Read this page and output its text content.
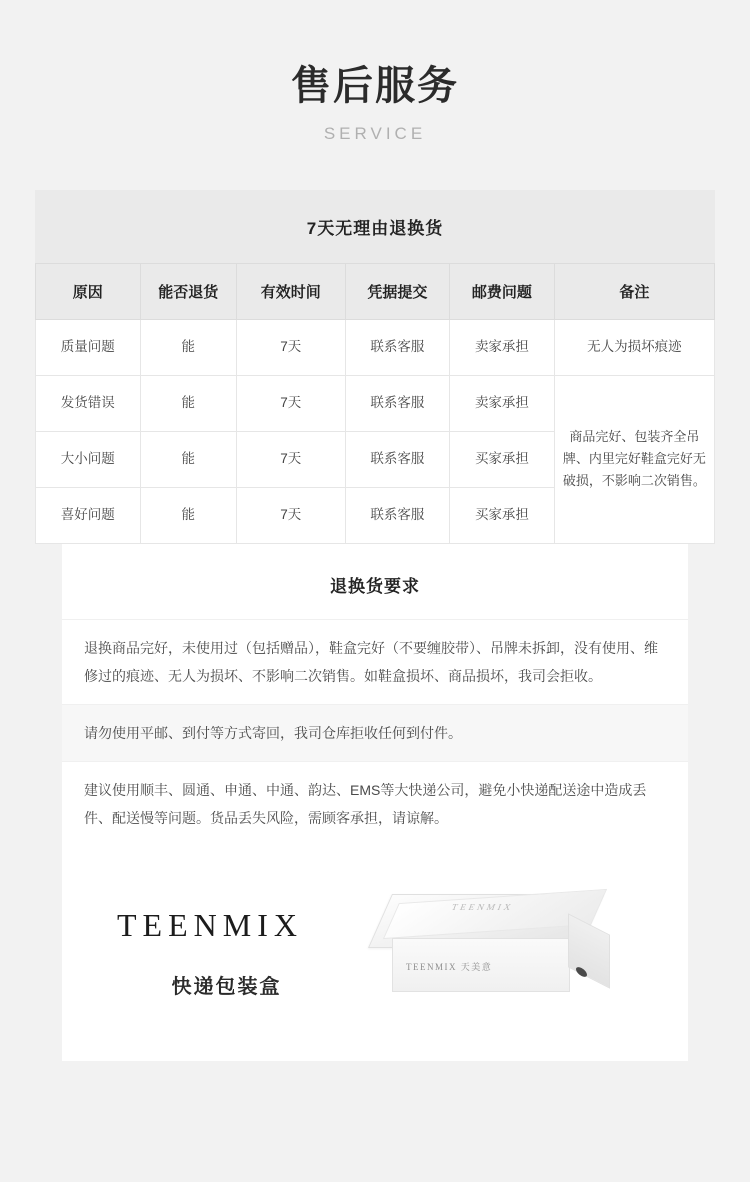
售后服务
SERVICE
7天无理由退换货
原因	能否退货	有效时间	凭据提交	邮费问题	备注
质量问题	能	7天	联系客服	卖家承担	无人为损坏痕迹
发货错误	能	7天	联系客服	卖家承担	商品完好、包装齐全吊牌、内里完好鞋盒完好无破损，不影响二次销售。
大小问题	能	7天	联系客服	买家承担	
喜好问题	能	7天	联系客服	买家承担	
退换货要求
退换商品完好，未使用过（包括赠品），鞋盒完好（不要缠胶带）、吊牌未拆卸，没有使用、维修过的痕迹、无人为损坏、不影响二次销售。如鞋盒损坏、商品损坏，我司会拒收。
请勿使用平邮、到付等方式寄回，我司仓库拒收任何到付件。
建议使用顺丰、圆通、申通、中通、韵达、EMS等大快递公司，避免小快递配送途中造成丢件、配送慢等问题。货品丢失风险，需顾客承担，请谅解。
TEENMIX
快递包装盒
TEENMIX
TEENMIX 天美意
